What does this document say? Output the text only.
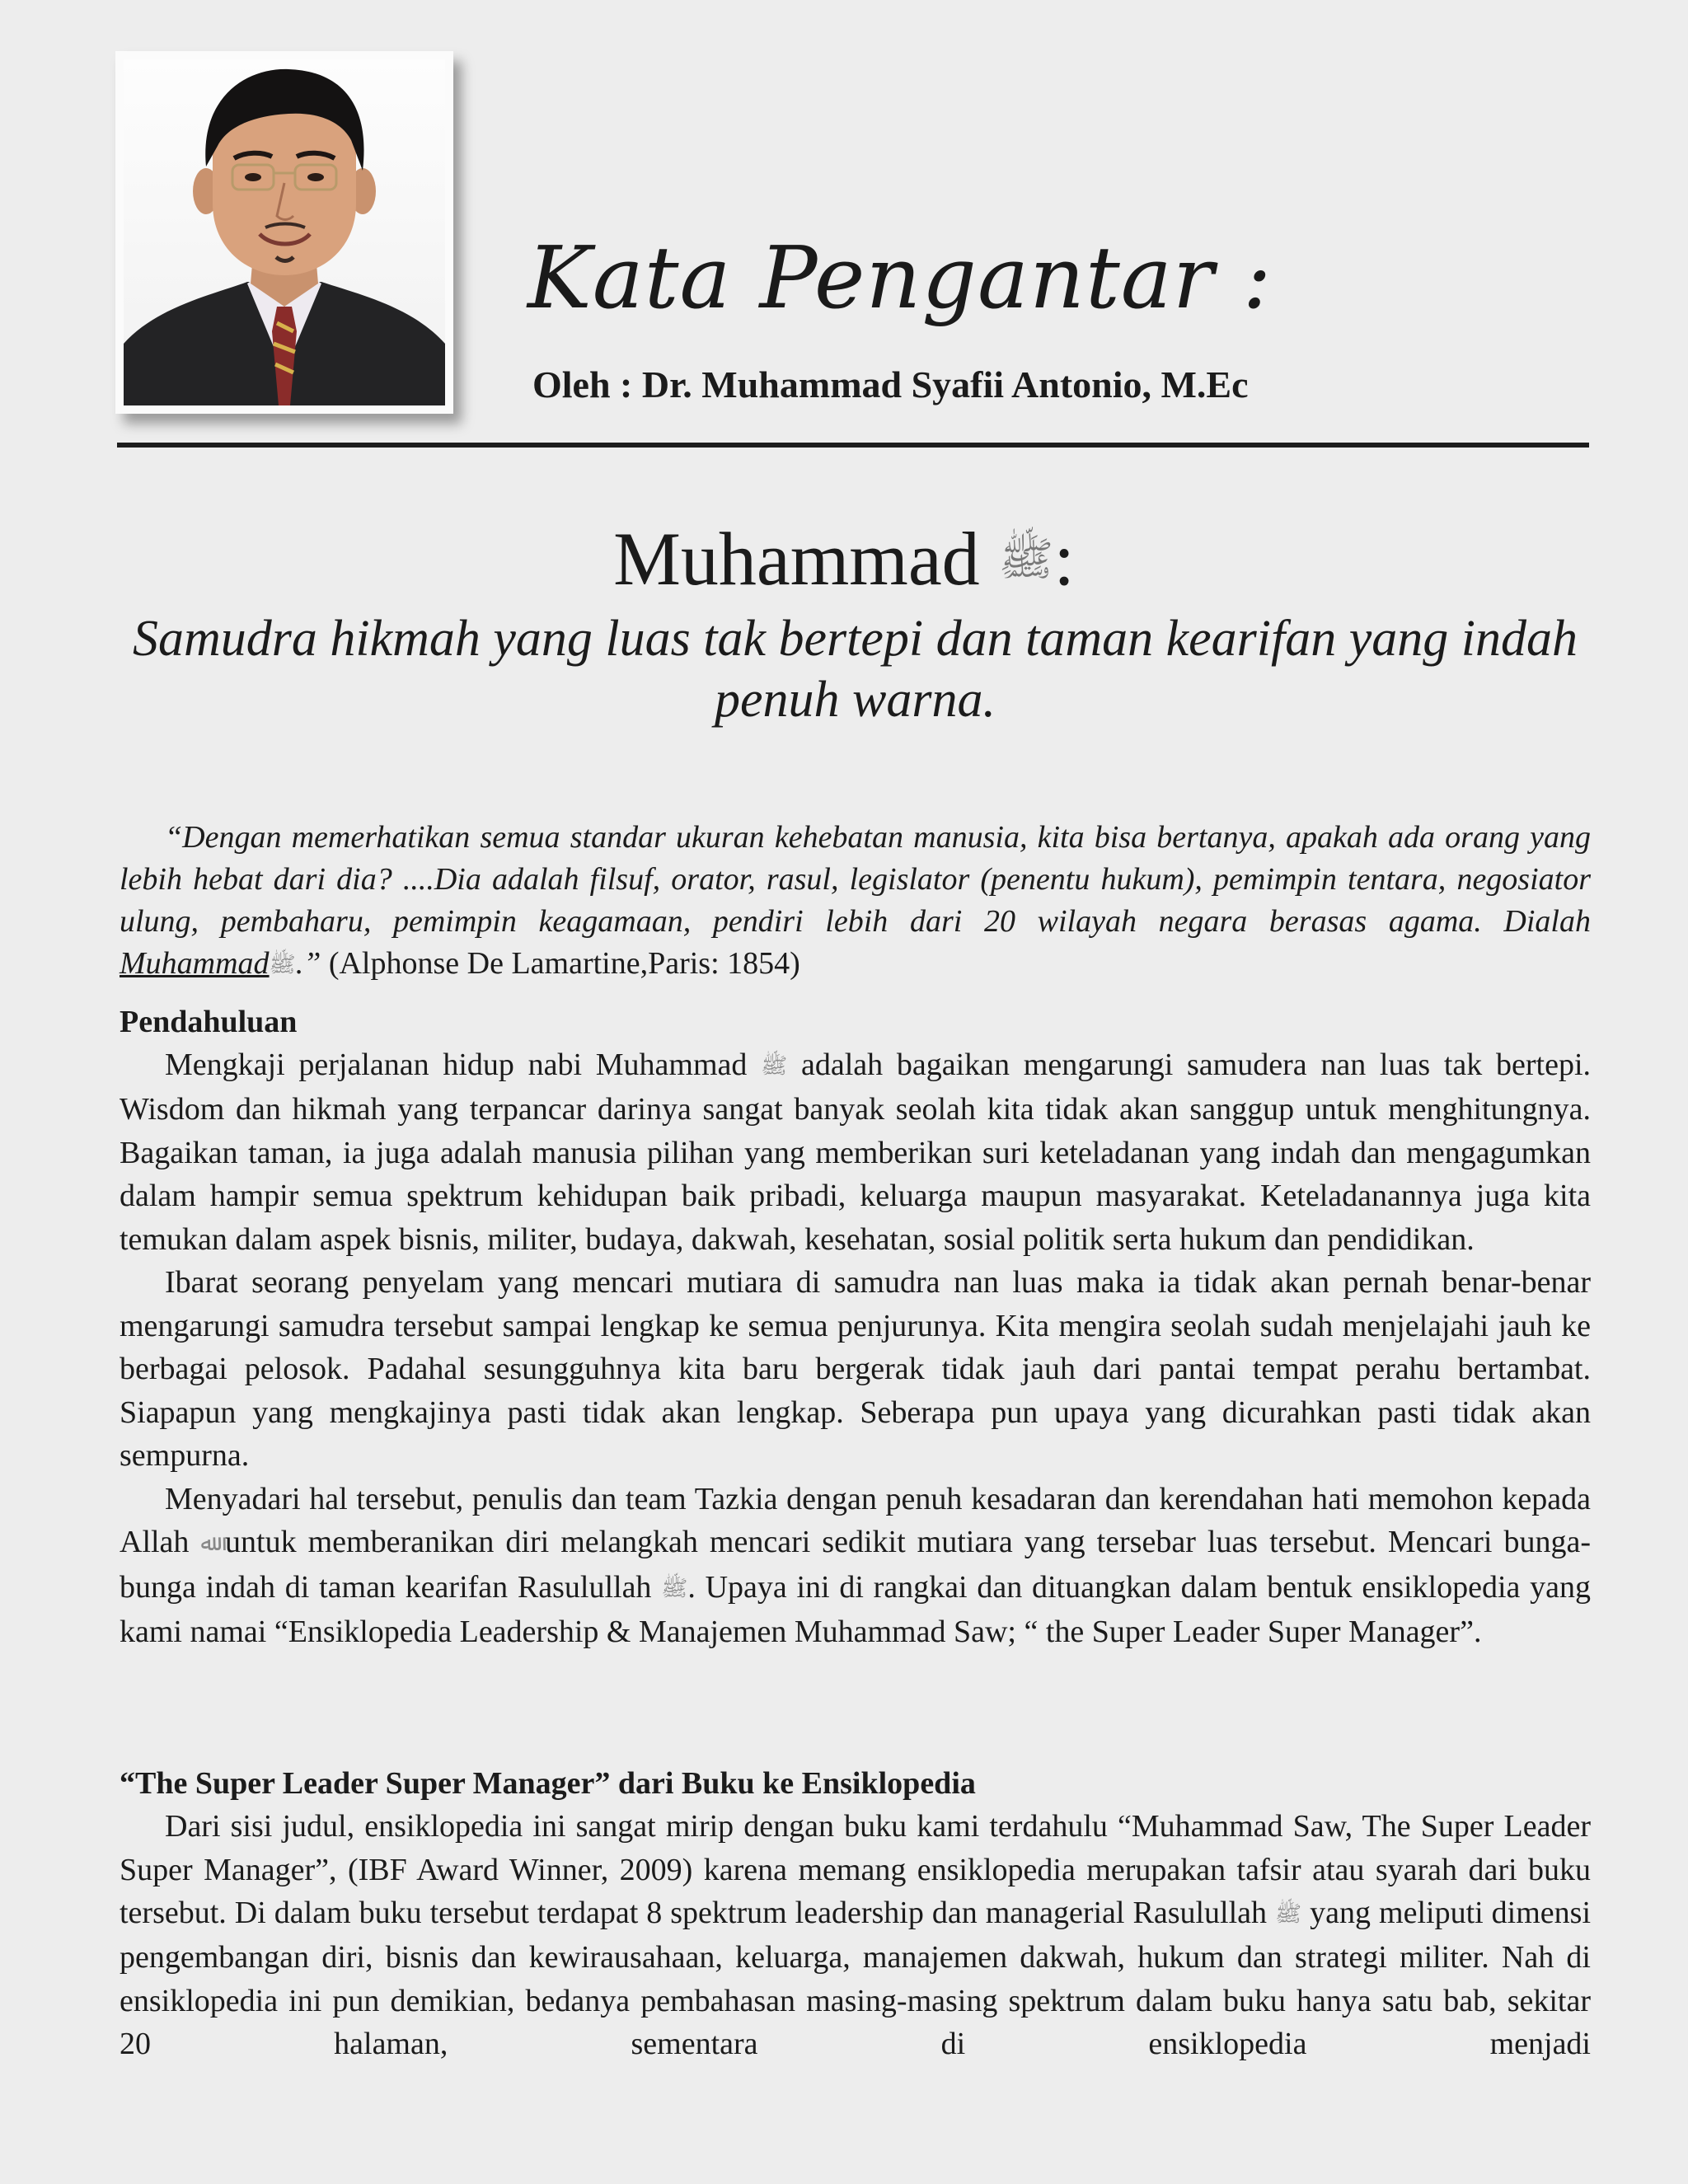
Kata Pengantar :
Oleh : Dr. Muhammad Syafii Antonio, M.Ec
Muhammad ﷺ:
Samudra hikmah yang luas tak bertepi dan taman kearifan yang indah penuh warna.

“Dengan memerhatikan semua standar ukuran kehebatan manusia, kita bisa bertanya, apakah ada orang yang lebih hebat dari dia? ....Dia adalah filsuf, orator, rasul, legislator (penentu hukum), pemimpin tentara, negosiator ulung, pembaharu, pemimpin keagamaan, pendiri lebih dari 20 wilayah negara berasas agama. Dialah Muhammadﷺ.” (Alphonse De Lamartine,Paris: 1854)

Pendahuluan

Mengkaji perjalanan hidup nabi Muhammad ﷺ adalah bagaikan mengarungi samudera nan luas tak bertepi. Wisdom dan hikmah yang terpancar darinya sangat banyak seolah kita tidak akan sanggup untuk menghitungnya. Bagaikan taman, ia juga adalah manusia pilihan yang memberikan suri keteladanan yang indah dan mengagumkan dalam hampir semua spektrum kehidupan baik pribadi, keluarga maupun masyarakat. Keteladanannya juga kita temukan dalam aspek bisnis, militer, budaya, dakwah, kesehatan, sosial politik serta hukum dan pendidikan.

Ibarat seorang penyelam yang mencari mutiara di samudra nan luas maka ia tidak akan pernah benar-benar mengarungi samudra tersebut sampai lengkap ke semua penjurunya. Kita mengira seolah sudah menjelajahi jauh ke berbagai pelosok. Padahal sesungguhnya kita baru bergerak tidak jauh dari pantai tempat perahu bertambat. Siapapun yang mengkajinya pasti tidak akan lengkap. Seberapa pun upaya yang dicurahkan pasti tidak akan sempurna.

Menyadari hal tersebut, penulis dan team Tazkia dengan penuh kesadaran dan kerendahan hati memohon kepada Allah ﷲ untuk memberanikan diri melangkah mencari sedikit mutiara yang tersebar luas tersebut. Mencari bunga-bunga indah di taman kearifan Rasulullah ﷺ. Upaya ini di rangkai dan dituangkan dalam bentuk ensiklopedia yang kami namai “Ensiklopedia Leadership & Manajemen Muhammad Saw; “ the Super Leader Super Manager”.

“The Super Leader Super Manager” dari Buku ke Ensiklopedia

Dari sisi judul, ensiklopedia ini sangat mirip dengan buku kami terdahulu “Muhammad Saw, The Super Leader Super Manager”, (IBF Award Winner, 2009) karena memang ensiklopedia merupakan tafsir atau syarah dari buku tersebut. Di dalam buku tersebut terdapat 8 spektrum leadership dan managerial Rasulullah ﷺ yang meliputi dimensi pengembangan diri, bisnis dan kewirausahaan, keluarga, manajemen dakwah, hukum dan strategi militer. Nah di ensiklopedia ini pun demikian, bedanya pembahasan masing-masing spektrum dalam buku hanya satu bab, sekitar 20 halaman, sementara di ensiklopedia menjadi
